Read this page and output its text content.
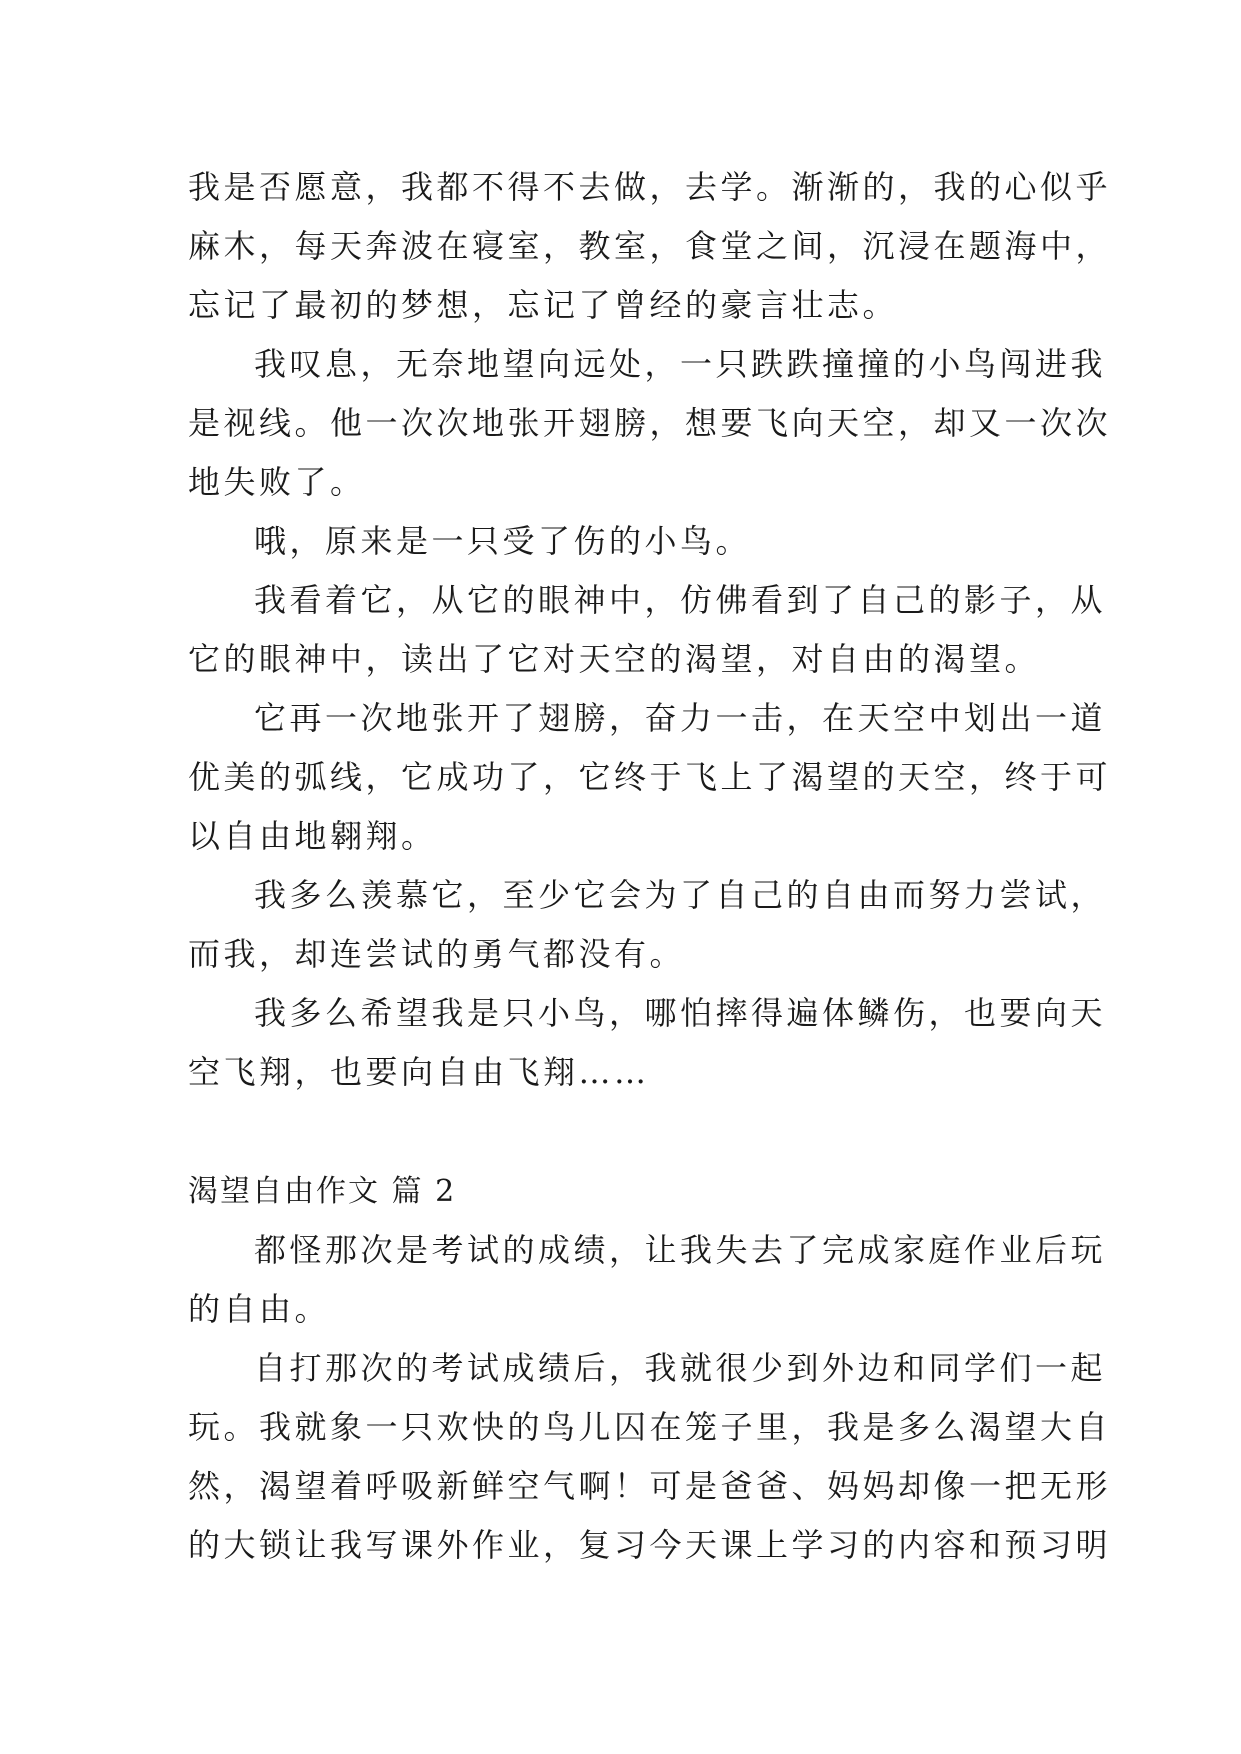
我是否愿意，我都不得不去做，去学。渐渐的，我的心似乎
麻木，每天奔波在寝室，教室，食堂之间，沉浸在题海中，
忘记了最初的梦想，忘记了曾经的豪言壮志。
我叹息，无奈地望向远处，一只跌跌撞撞的小鸟闯进我
是视线。他一次次地张开翅膀，想要飞向天空，却又一次次
地失败了。
哦，原来是一只受了伤的小鸟。
我看着它，从它的眼神中，仿佛看到了自己的影子，从
它的眼神中，读出了它对天空的渴望，对自由的渴望。
它再一次地张开了翅膀，奋力一击，在天空中划出一道
优美的弧线，它成功了，它终于飞上了渴望的天空，终于可
以自由地翱翔。
我多么羡慕它，至少它会为了自己的自由而努力尝试，
而我，却连尝试的勇气都没有。
我多么希望我是只小鸟，哪怕摔得遍体鳞伤，也要向天
空飞翔，也要向自由飞翔……
渴望自由作文 篇 2
都怪那次是考试的成绩，让我失去了完成家庭作业后玩
的自由。
自打那次的考试成绩后，我就很少到外边和同学们一起
玩。我就象一只欢快的鸟儿囚在笼子里，我是多么渴望大自
然，渴望着呼吸新鲜空气啊！可是爸爸、妈妈却像一把无形
的大锁让我写课外作业，复习今天课上学习的内容和预习明
